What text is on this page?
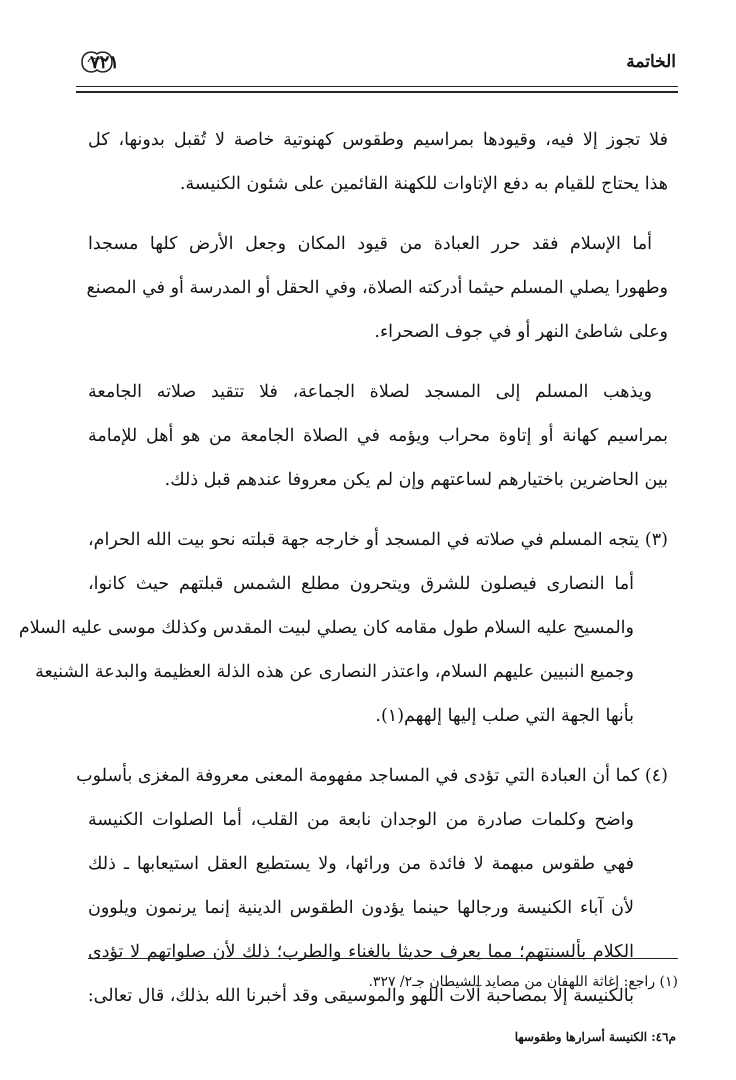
الخاتمة
٧٢١
فلا تجوز إلا فيه، وقيودها بمراسيم وطقوس كهنوتية خاصة لا تُقبل بدونها، كل
هذا يحتاج للقيام به دفع الإتاوات للكهنة القائمين على شئون الكنيسة.
أما الإسلام فقد حرر العبادة من قيود المكان وجعل الأرض كلها مسجدا
وطهورا يصلي المسلم حيثما أدركته الصلاة، وفي الحقل أو المدرسة أو في المصنع
وعلى شاطئ النهر أو في جوف الصحراء.
ويذهب المسلم إلى المسجد لصلاة الجماعة، فلا تتقيد صلاته الجامعة
بمراسيم كهانة أو إتاوة محراب ويؤمه في الصلاة الجامعة من هو أهل للإمامة
بين الحاضرين باختيارهم لساعتهم وإن لم يكن معروفا عندهم قبل ذلك.
(٣) يتجه المسلم في صلاته في المسجد أو خارجه جهة قبلته نحو بيت الله الحرام،
أما النصارى فيصلون للشرق ويتحرون مطلع الشمس قبلتهم حيث كانوا،
والمسيح عليه السلام طول مقامه كان يصلي لبيت المقدس وكذلك موسى عليه السلام
وجميع النبيين عليهم السلام، واعتذر النصارى عن هذه الذلة العظيمة والبدعة الشنيعة
بأنها الجهة التي صلب إليها إلههم(١).
(٤) كما أن العبادة التي تؤدى في المساجد مفهومة المعنى معروفة المغزى بأسلوب
واضح وكلمات صادرة من الوجدان نابعة من القلب، أما الصلوات الكنيسة
فهي طقوس مبهمة لا فائدة من ورائها، ولا يستطيع العقل استيعابها ـ ذلك
لأن آباء الكنيسة ورجالها حينما يؤدون الطقوس الدينية إنما يرنمون ويلوون
الكلام بألسنتهم؛ مما يعرف حديثا بالغناء والطرب؛ ذلك لأن صلواتهم لا تؤدى
بالكنيسة إلا بمصاحبة آلات اللهو والموسيقى وقد أخبرنا الله بذلك، قال تعالى:
(١) راجع: إغاثة اللهفان من مصايد الشيطان جـ٢/ ٣٢٧.
م٤٦: الكنيسة أسرارها وطقوسها
